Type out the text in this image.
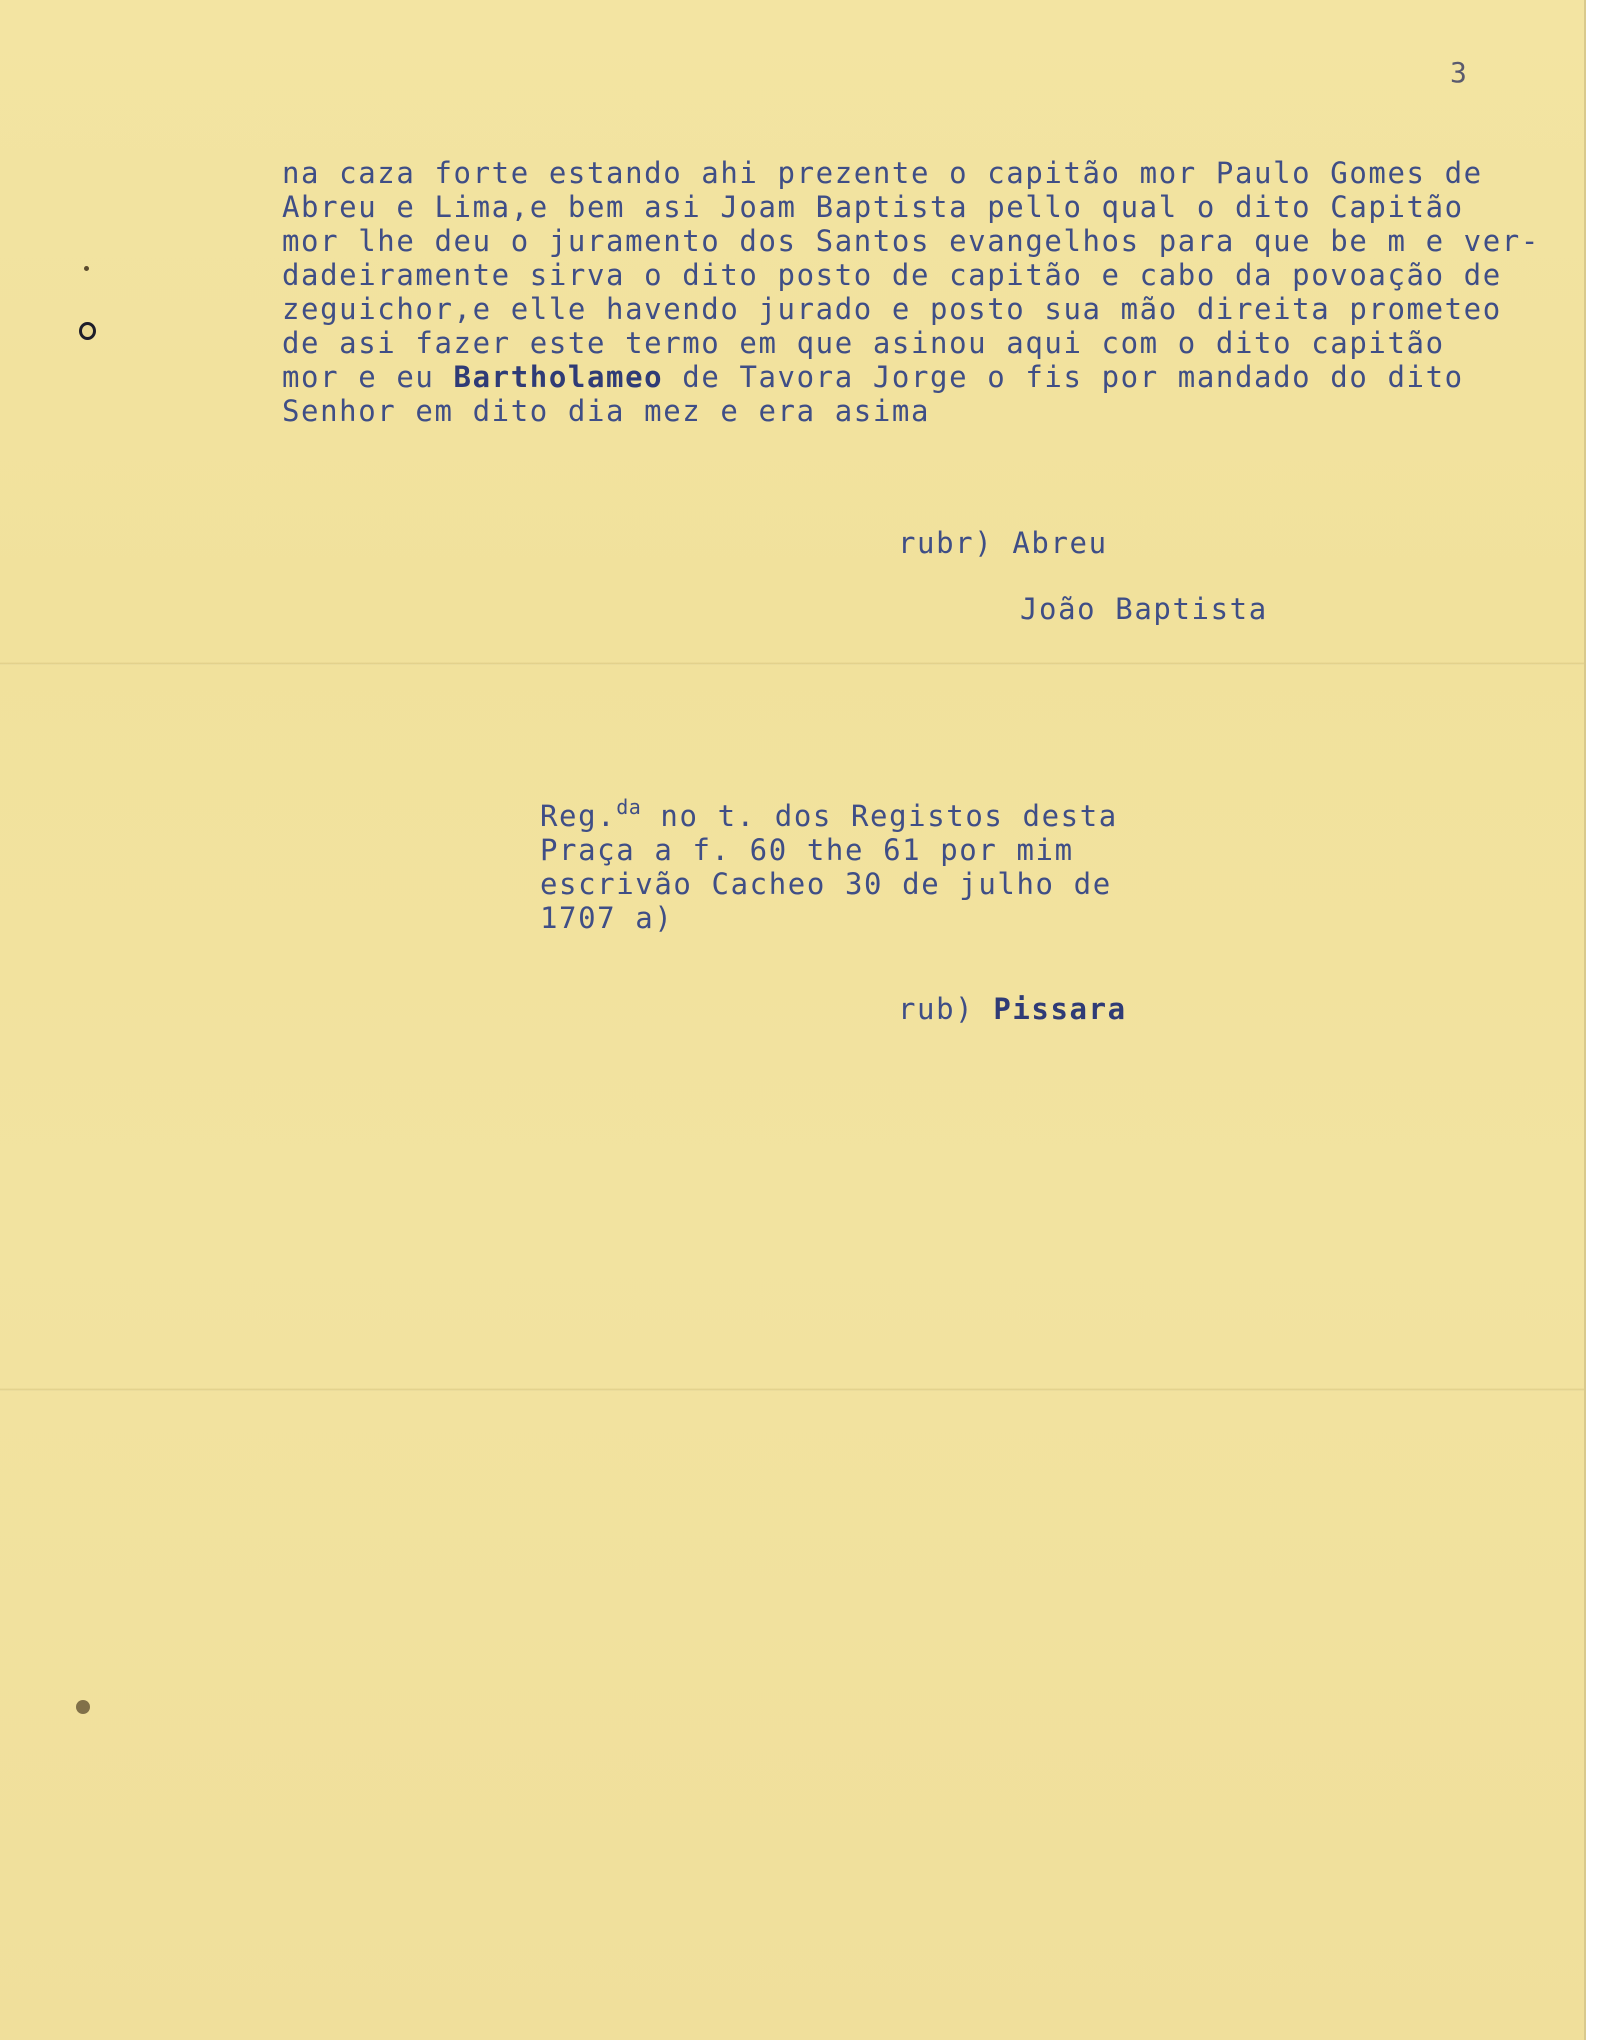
3
na caza forte estando ahi prezente o capitão mor Paulo Gomes de
Abreu e Lima,e bem asi Joam Baptista pello qual o dito Capitão
mor lhe deu o juramento dos Santos evangelhos para que be m e ver-
dadeiramente sirva o dito posto de capitão e cabo da povoação de
zeguichor,e elle havendo jurado e posto sua mão direita prometeo
de asi fazer este termo em que asinou aqui com o dito capitão
mor e eu Bartholameo de Tavora Jorge o fis por mandado do dito
Senhor em dito dia mez e era asima
rubr) Abreu
João Baptista
Reg.$^{da}$ no t. dos Registos desta
Praça a f. 60 the 61 por mim
escrivão Cacheo 30 de julho de
1707 a)
rub) Pissara
